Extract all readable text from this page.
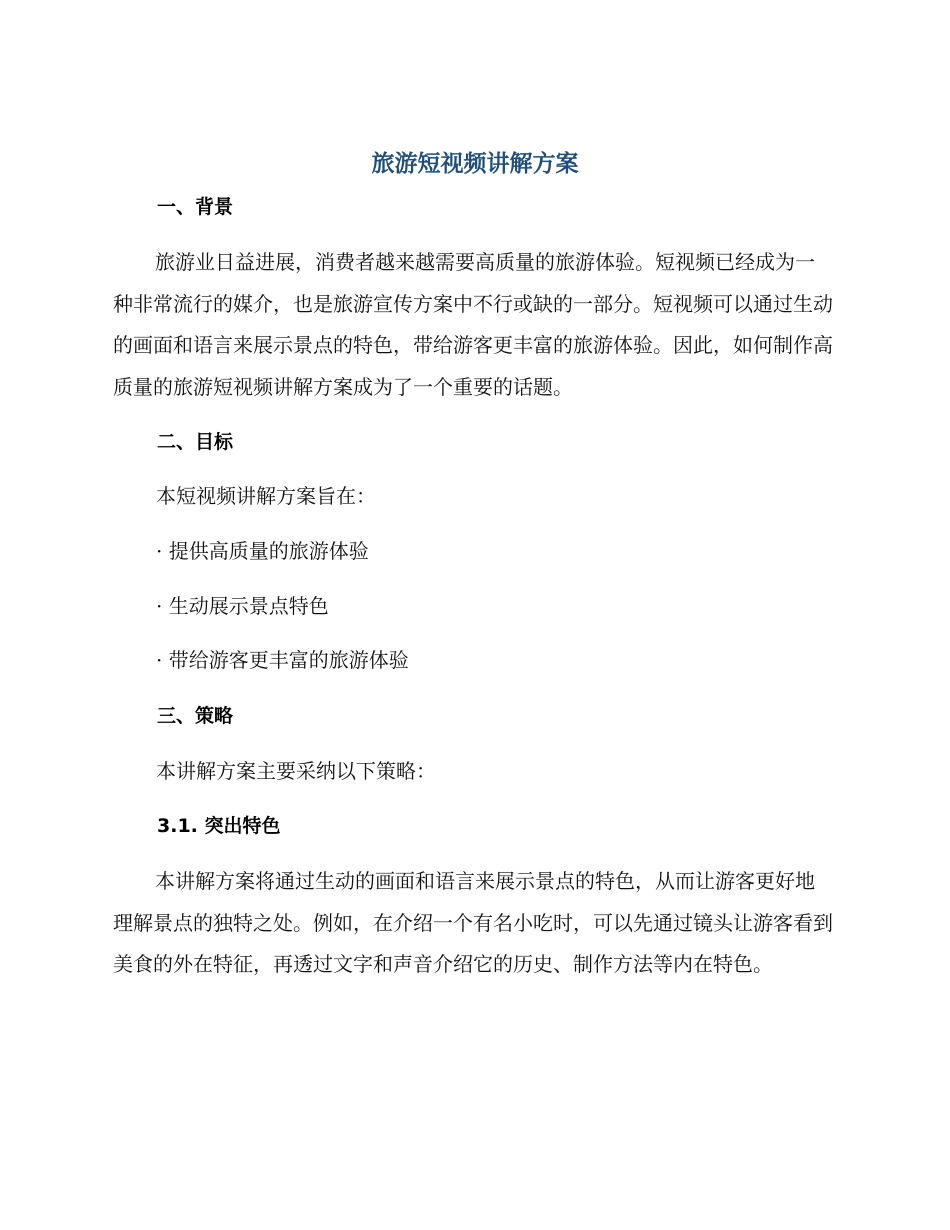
旅游短视频讲解方案
一、背景
旅游业日益进展，消费者越来越需要高质量的旅游体验。短视频已经成为一种非常流行的媒介，也是旅游宣传方案中不行或缺的一部分。短视频可以通过生动的画面和语言来展示景点的特色，带给游客更丰富的旅游体验。因此，如何制作高质量的旅游短视频讲解方案成为了一个重要的话题。
二、目标
本短视频讲解方案旨在：
· 提供高质量的旅游体验
· 生动展示景点特色
· 带给游客更丰富的旅游体验
三、策略
本讲解方案主要采纳以下策略：
3.1. 突出特色
本讲解方案将通过生动的画面和语言来展示景点的特色，从而让游客更好地理解景点的独特之处。例如，在介绍一个有名小吃时，可以先通过镜头让游客看到美食的外在特征，再透过文字和声音介绍它的历史、制作方法等内在特色。
